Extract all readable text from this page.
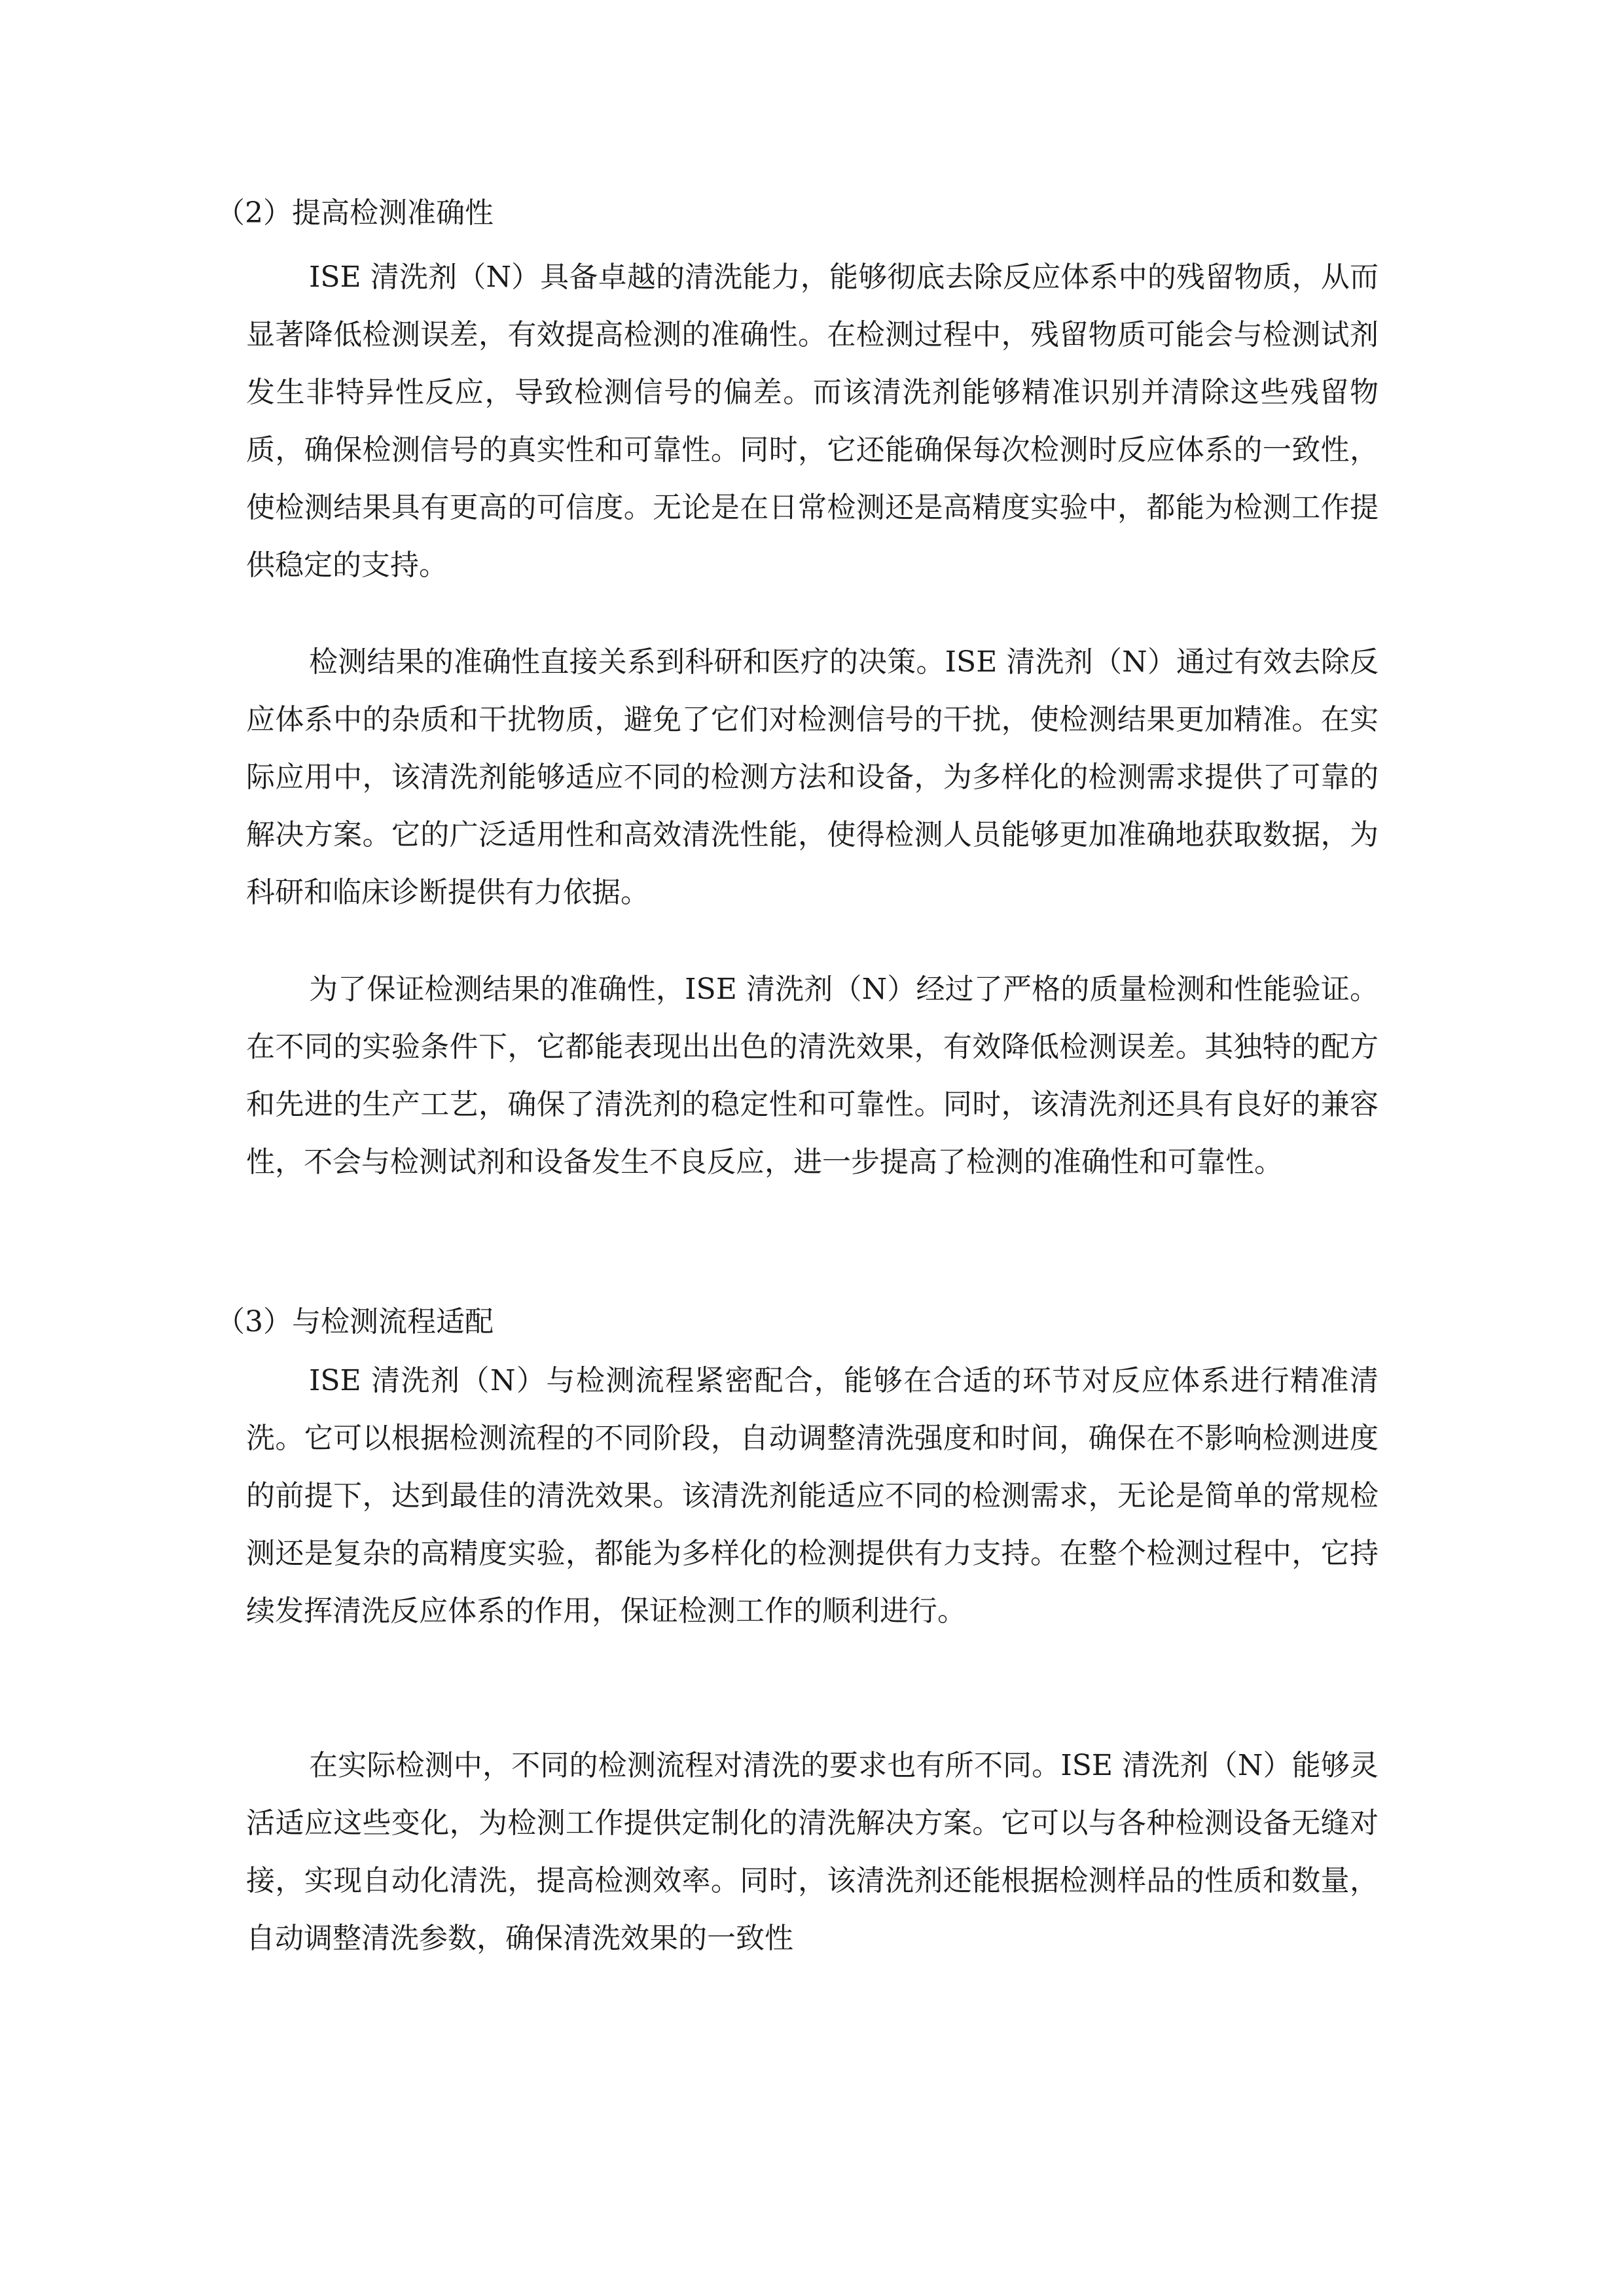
（2）提高检测准确性

ISE 清洗剂（N）具备卓越的清洗能力，能够彻底去除反应体系中的残留物质，从而显著降低检测误差，有效提高检测的准确性。在检测过程中，残留物质可能会与检测试剂发生非特异性反应，导致检测信号的偏差。而该清洗剂能够精准识别并清除这些残留物质，确保检测信号的真实性和可靠性。同时，它还能确保每次检测时反应体系的一致性，使检测结果具有更高的可信度。无论是在日常检测还是高精度实验中，都能为检测工作提供稳定的支持。

检测结果的准确性直接关系到科研和医疗的决策。ISE 清洗剂（N）通过有效去除反应体系中的杂质和干扰物质，避免了它们对检测信号的干扰，使检测结果更加精准。在实际应用中，该清洗剂能够适应不同的检测方法和设备，为多样化的检测需求提供了可靠的解决方案。它的广泛适用性和高效清洗性能，使得检测人员能够更加准确地获取数据，为科研和临床诊断提供有力依据。

为了保证检测结果的准确性，ISE 清洗剂（N）经过了严格的质量检测和性能验证。在不同的实验条件下，它都能表现出出色的清洗效果，有效降低检测误差。其独特的配方和先进的生产工艺，确保了清洗剂的稳定性和可靠性。同时，该清洗剂还具有良好的兼容性，不会与检测试剂和设备发生不良反应，进一步提高了检测的准确性和可靠性。

（3）与检测流程适配

ISE 清洗剂（N）与检测流程紧密配合，能够在合适的环节对反应体系进行精准清洗。它可以根据检测流程的不同阶段，自动调整清洗强度和时间，确保在不影响检测进度的前提下，达到最佳的清洗效果。该清洗剂能适应不同的检测需求，无论是简单的常规检测还是复杂的高精度实验，都能为多样化的检测提供有力支持。在整个检测过程中，它持续发挥清洗反应体系的作用，保证检测工作的顺利进行。

在实际检测中，不同的检测流程对清洗的要求也有所不同。ISE 清洗剂（N）能够灵活适应这些变化，为检测工作提供定制化的清洗解决方案。它可以与各种检测设备无缝对接，实现自动化清洗，提高检测效率。同时，该清洗剂还能根据检测样品的性质和数量，自动调整清洗参数，确保清洗效果的一致性
